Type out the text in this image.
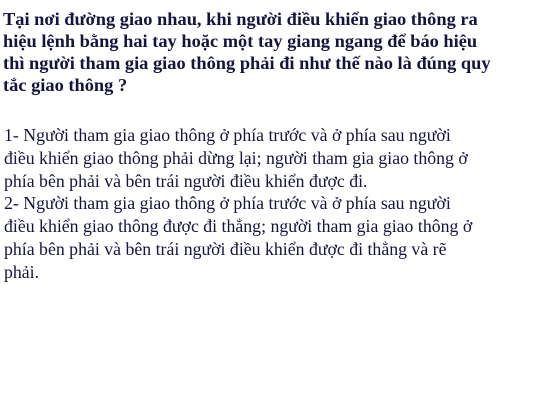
Tại nơi đường giao nhau, khi người điều khiển giao thông ra
hiệu lệnh bằng hai tay hoặc một tay giang ngang để báo hiệu
thì người tham gia giao thông phải đi như thế nào là đúng quy
tắc giao thông ?

1- Người tham gia giao thông ở phía trước và ở phía sau người
điều khiển giao thông phải dừng lại; người tham gia giao thông ở
phía bên phải và bên trái người điều khiển được đi.
2- Người tham gia giao thông ở phía trước và ở phía sau người
điều khiển giao thông được đi thẳng; người tham gia giao thông ở
phía bên phải và bên trái người điều khiển được đi thẳng và rẽ
phải.
